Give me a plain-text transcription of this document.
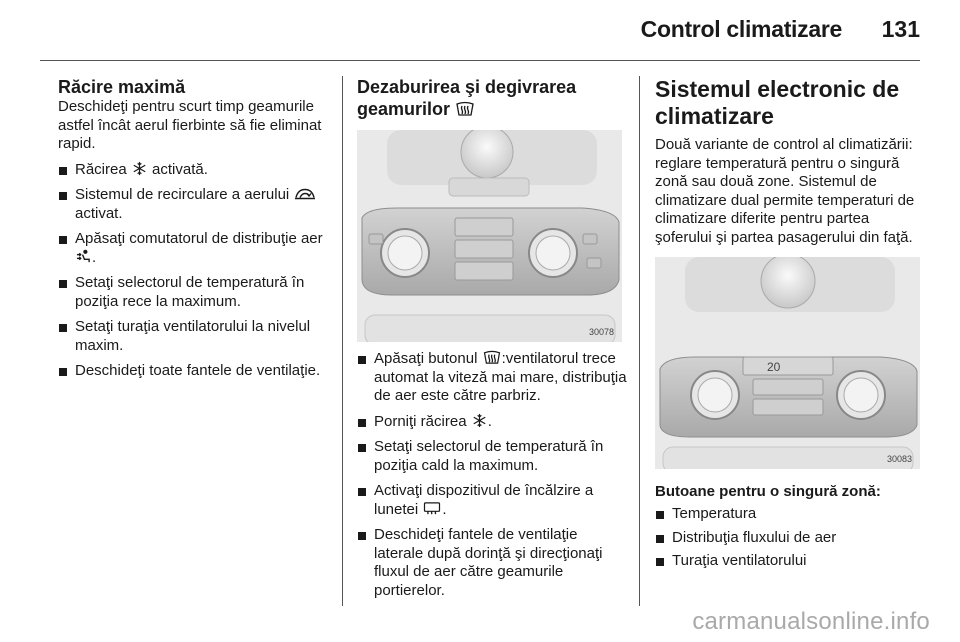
Control climatizare 131
Răcire maximă

Deschideţi pentru scurt timp geamurile astfel încât aerul fierbinte să fie eliminat rapid.

Răcirea activată.
Sistemul de recirculare a aerului  activat.
Apăsaţi comutatorul de distribuţie aer .
Setaţi selectorul de temperatură în poziţia rece la maximum.
Setaţi turaţia ventilatorului la nivelul maxim.
Deschideţi toate fantele de ventilaţie.
Dezaburirea şi degivrarea
geamurilor
30078
Apăsaţi butonul :ventilatorul trece automat la viteză mai mare, distribuţia de aer este către parbriz.
Porniţi răcirea .
Setaţi selectorul de temperatură în poziţia cald la maximum.
Activaţi dispozitivul de încălzire a lunetei .
Deschideţi fantele de ventilaţie laterale după dorinţă şi direcţionaţi fluxul de aer către geamurile portierelor.
Sistemul electronic de climatizare

Două variante de control al climatizării: reglare temperatură pentru o singură zonă sau două zone. Sistemul de climatizare dual permite temperaturi de climatizare diferite pentru partea şoferului şi partea pasagerului din faţă.

20
30083
Butoane pentru o singură zonă:
Temperatura
Distribuţia fluxului de aer
Turaţia ventilatorului
carmanualsonline.info
